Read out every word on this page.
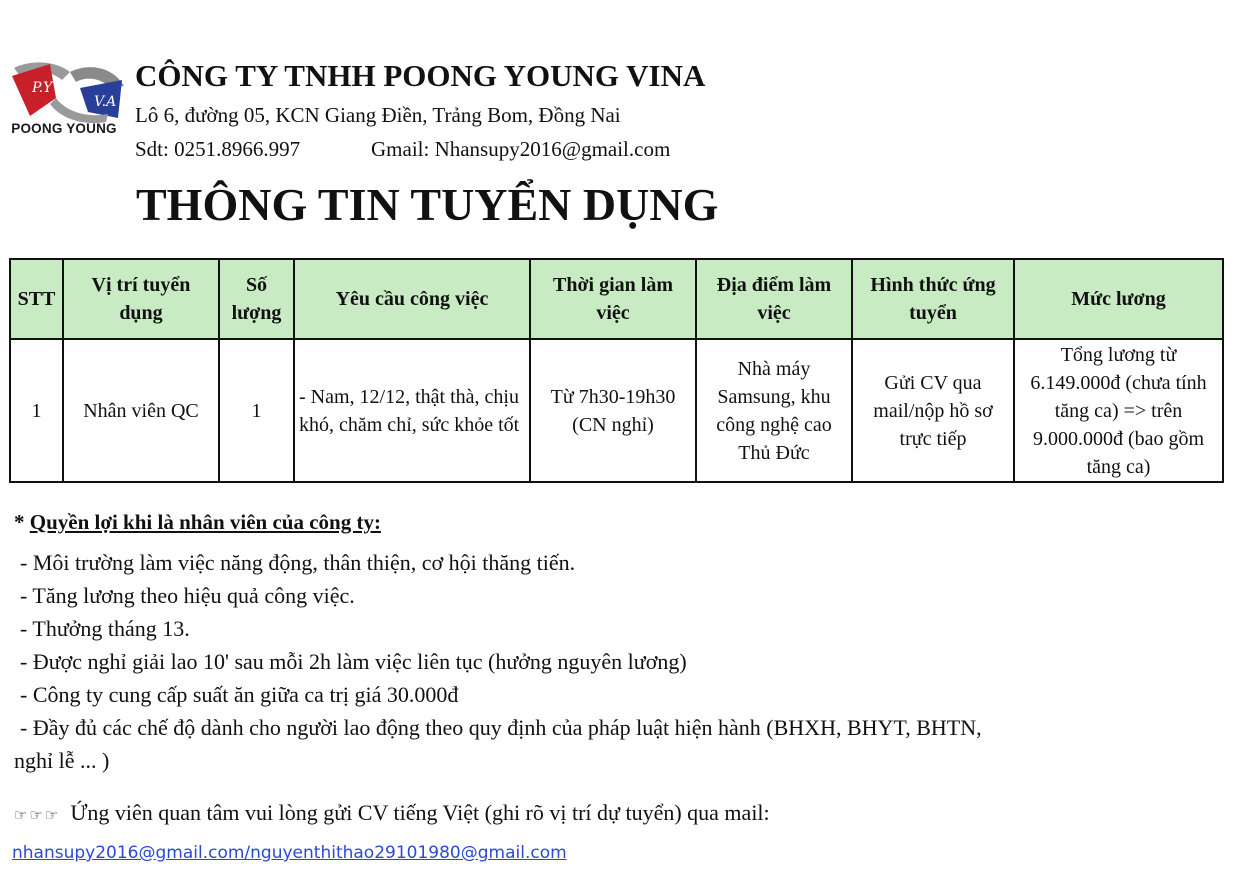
P.Y
V.A
POONG YOUNG
CÔNG TY TNHH POONG YOUNG VINA
Lô 6, đường 05, KCN Giang Điền, Trảng Bom, Đồng Nai
Sdt: 0251.8966.997	Gmail: Nhansupy2016@gmail.com
THÔNG TIN TUYỂN DỤNG
STT	Vị trí tuyển dụng	Số lượng	Yêu cầu công việc	Thời gian làm việc	Địa điểm làm việc	Hình thức ứng tuyển	Mức lương
1	Nhân viên QC	1	- Nam, 12/12, thật thà, chịu khó, chăm chỉ, sức khỏe tốt	Từ 7h30-19h30 (CN nghỉ)	Nhà máy Samsung, khu công nghệ cao Thủ Đức	Gửi CV qua mail/nộp hồ sơ trực tiếp	Tổng lương từ 6.149.000đ (chưa tính tăng ca) => trên 9.000.000đ (bao gồm tăng ca)
* Quyền lợi khi là nhân viên của công ty:
- Môi trường làm việc năng động, thân thiện, cơ hội thăng tiến.
- Tăng lương theo hiệu quả công việc.
- Thưởng tháng 13.
- Được nghỉ giải lao 10' sau mỗi 2h làm việc liên tục (hưởng nguyên lương)
- Công ty cung cấp suất ăn giữa ca trị giá 30.000đ
- Đầy đủ các chế độ dành cho người lao động theo quy định của pháp luật hiện hành (BHXH, BHYT, BHTN, nghỉ lễ ... )
☞☞☞ Ứng viên quan tâm vui lòng gửi CV tiếng Việt (ghi rõ vị trí dự tuyển) qua mail:
nhansupy2016@gmail.com/nguyenthithao29101980@gmail.com
